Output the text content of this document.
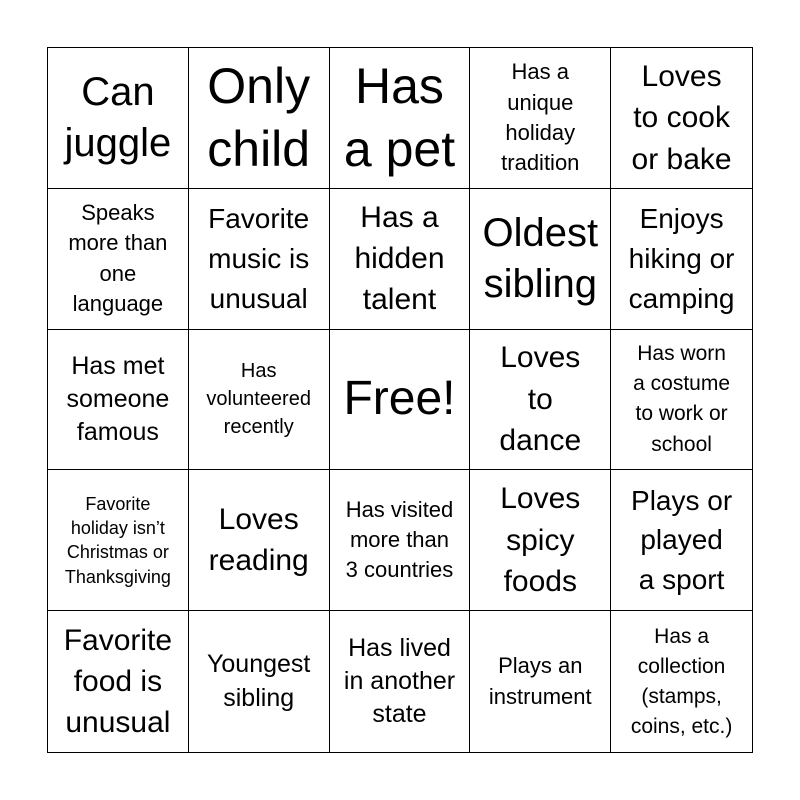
Can
juggle
Only
child
Has
a pet
Has a
unique
holiday
tradition
Loves
to cook
or bake
Speaks
more than
one
language
Favorite
music is
unusual
Has a
hidden
talent
Oldest
sibling
Enjoys
hiking or
camping
Has met
someone
famous
Has
volunteered
recently
Free!
Loves
to
dance
Has worn
a costume
to work or
school
Favorite
holiday isn’t
Christmas or
Thanksgiving
Loves
reading
Has visited
more than
3 countries
Loves
spicy
foods
Plays or
played
a sport
Favorite
food is
unusual
Youngest
sibling
Has lived
in another
state
Plays an
instrument
Has a
collection
(stamps,
coins, etc.)
